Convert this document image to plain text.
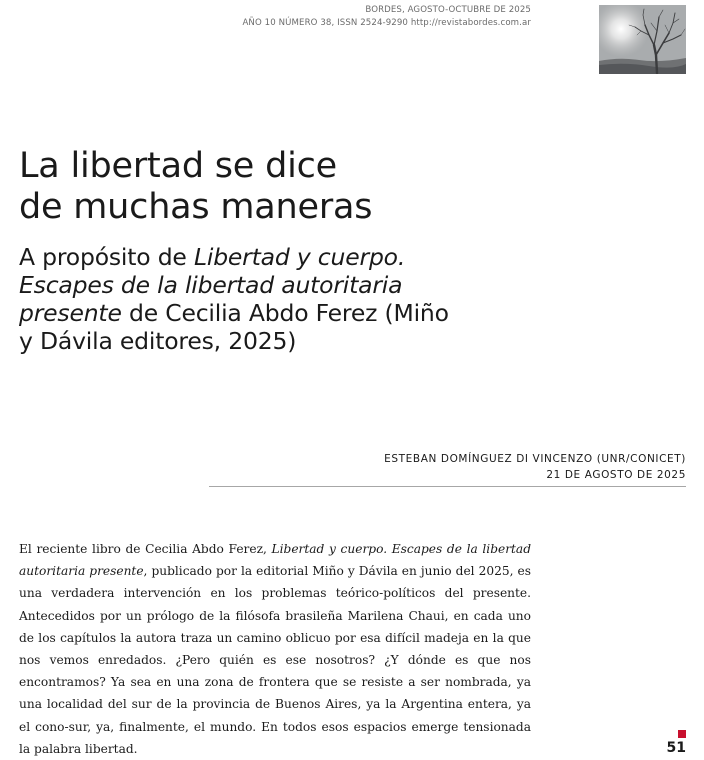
BORDES, AGOSTO-OCTUBRE DE 2025
AÑO 10 NÚMERO 38, ISSN 2524-9290 http://revistabordes.com.ar
La libertad se dice
de muchas maneras
A propósito de Libertad y cuerpo. Escapes de la libertad autoritaria presente de Cecilia Abdo Ferez (Miño y Dávila editores, 2025)
ESTEBAN DOMÍNGUEZ DI VINCENZO (UNR/CONICET)
21 DE AGOSTO DE 2025

El reciente libro de Cecilia Abdo Ferez, Libertad y cuerpo. Escapes de la libertad autoritaria presente, publicado por la editorial Miño y Dávila en junio del 2025, es una verdadera intervención en los problemas teórico-políticos del presente. Antecedidos por un prólogo de la filósofa brasileña Marilena Chaui, en cada uno de los capítulos la autora traza un camino oblicuo por esa difícil madeja en la que nos vemos enredados. ¿Pero quién es ese nosotros? ¿Y dónde es que nos encontramos? Ya sea en una zona de frontera que se resiste a ser nombrada, ya una localidad del sur de la provincia de Buenos Aires, ya la Argentina entera, ya el cono-sur, ya, finalmente, el mundo. En todos esos espacios emerge tensionada la palabra libertad.	51
